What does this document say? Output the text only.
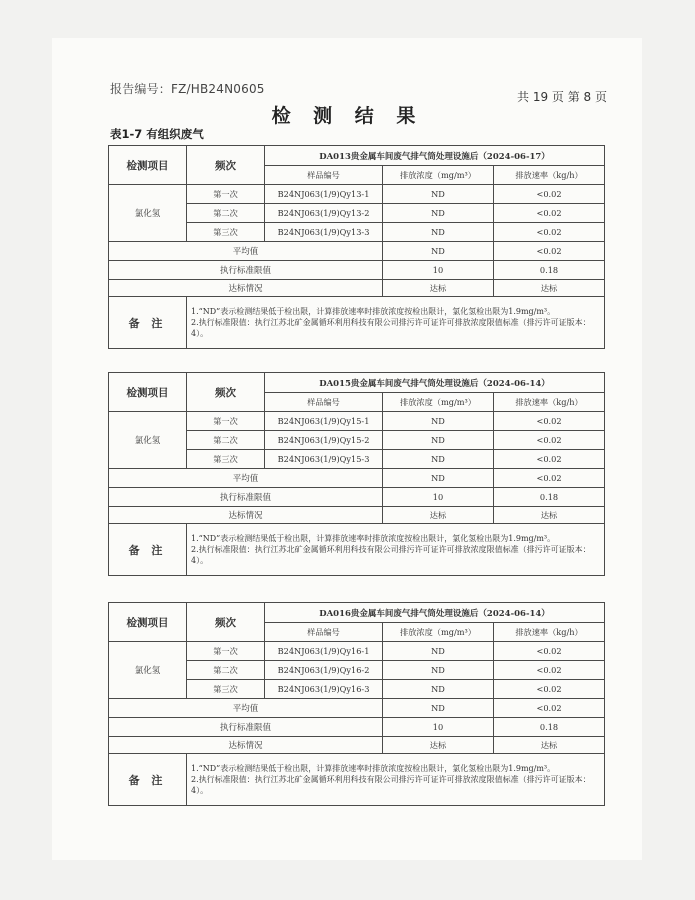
报告编号：FZ/HB24N0605
共 19 页 第 8 页
检 测 结 果
表1-7 有组织废气
检测项目	频次	DA013贵金属车间废气排气筒处理设施后（2024-06-17）		
		样品编号	排放浓度（mg/m³）	排放速率（kg/h）
氯化氢	第一次	B24NJ063(1/9)Qy13-1	ND	<0.02
	第二次	B24NJ063(1/9)Qy13-2	ND	<0.02
	第三次	B24NJ063(1/9)Qy13-3	ND	<0.02
平均值			ND	<0.02
执行标准限值			10	0.18
达标情况			达标	达标
备 注	1.“ND”表示检测结果低于检出限，计算排放速率时排放浓度按检出限计，氯化氢检出限为1.9mg/m³。

2.执行标准限值：执行江苏北矿金属循环利用科技有限公司排污许可证许可排放浓度限值标准（排污许可证版本：4）。			

检测项目	频次	DA015贵金属车间废气排气筒处理设施后（2024-06-14）		
		样品编号	排放浓度（mg/m³）	排放速率（kg/h）
氯化氢	第一次	B24NJ063(1/9)Qy15-1	ND	<0.02
	第二次	B24NJ063(1/9)Qy15-2	ND	<0.02
	第三次	B24NJ063(1/9)Qy15-3	ND	<0.02
平均值			ND	<0.02
执行标准限值			10	0.18
达标情况			达标	达标
备 注	1.“ND”表示检测结果低于检出限，计算排放速率时排放浓度按检出限计，氯化氢检出限为1.9mg/m³。

2.执行标准限值：执行江苏北矿金属循环利用科技有限公司排污许可证许可排放浓度限值标准（排污许可证版本：4）。			

检测项目	频次	DA016贵金属车间废气排气筒处理设施后（2024-06-14）		
		样品编号	排放浓度（mg/m³）	排放速率（kg/h）
氯化氢	第一次	B24NJ063(1/9)Qy16-1	ND	<0.02
	第二次	B24NJ063(1/9)Qy16-2	ND	<0.02
	第三次	B24NJ063(1/9)Qy16-3	ND	<0.02
平均值			ND	<0.02
执行标准限值			10	0.18
达标情况			达标	达标
备 注	1.“ND”表示检测结果低于检出限，计算排放速率时排放浓度按检出限计，氯化氢检出限为1.9mg/m³。

2.执行标准限值：执行江苏北矿金属循环利用科技有限公司排污许可证许可排放浓度限值标准（排污许可证版本：4）。			
